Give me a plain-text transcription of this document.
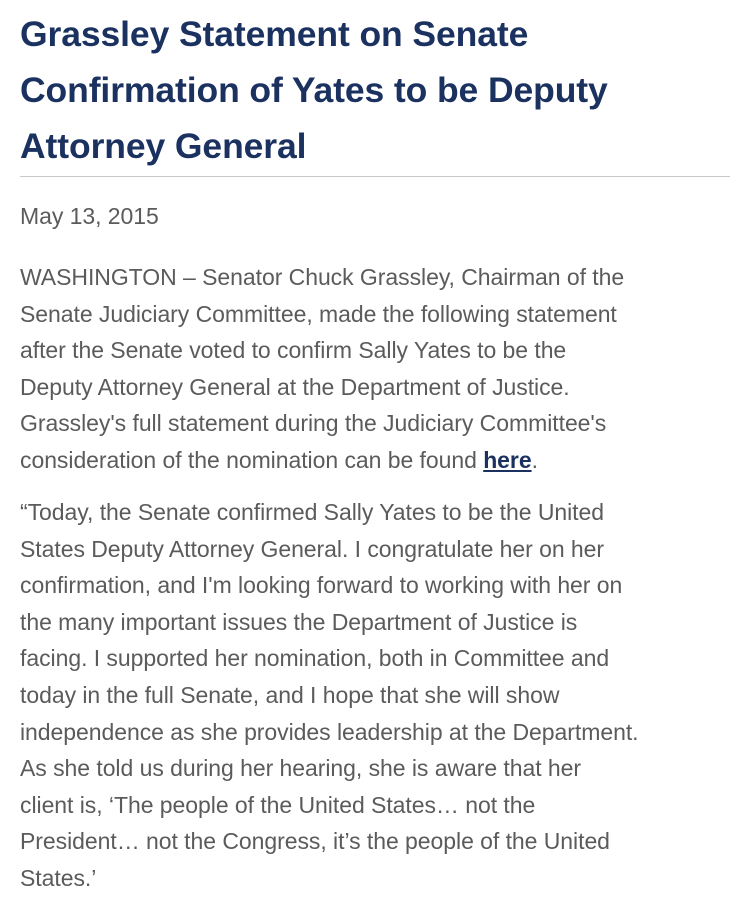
Grassley Statement on Senate
Confirmation of Yates to be Deputy
Attorney General

May 13, 2015

WASHINGTON – Senator Chuck Grassley, Chairman of the
Senate Judiciary Committee, made the following statement
after the Senate voted to confirm Sally Yates to be the
Deputy Attorney General at the Department of Justice.
Grassley's full statement during the Judiciary Committee's
consideration of the nomination can be found here.

“Today, the Senate confirmed Sally Yates to be the United
States Deputy Attorney General. I congratulate her on her
confirmation, and I'm looking forward to working with her on
the many important issues the Department of Justice is
facing. I supported her nomination, both in Committee and
today in the full Senate, and I hope that she will show
independence as she provides leadership at the Department.
As she told us during her hearing, she is aware that her
client is, ‘The people of the United States… not the
President… not the Congress, it’s the people of the United
States.’
